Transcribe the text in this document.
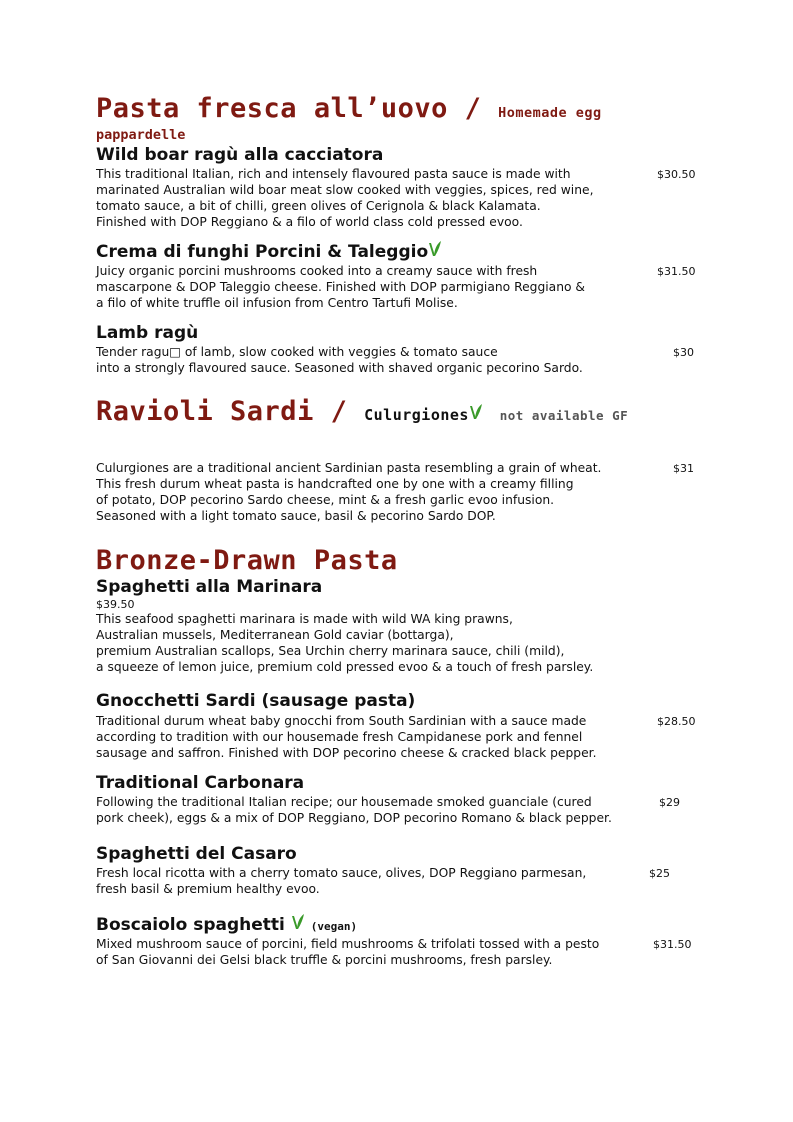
Pasta fresca all’uovo / Homemade egg
pappardelle
Wild boar ragù alla cacciatora
$30.50
This traditional Italian, rich and intensely flavoured pasta sauce is made with
marinated Australian wild boar meat slow cooked with veggies, spices, red wine,
tomato sauce, a bit of chilli, green olives of Cerignola & black Kalamata.
Finished with DOP Reggiano & a filo of world class cold pressed evoo.
Crema di funghi Porcini & Taleggio
$31.50
Juicy organic porcini mushrooms cooked into a creamy sauce with fresh
mascarpone & DOP Taleggio cheese. Finished with DOP parmigiano Reggiano &
a filo of white truffle oil infusion from Centro Tartufi Molise.
Lamb ragù
$30
Tender ragu□ of lamb, slow cooked with veggies & tomato sauce
into a strongly flavoured sauce. Seasoned with shaved organic pecorino Sardo.
Ravioli Sardi / Culurgiones not available GF
$31
Culurgiones are a traditional ancient Sardinian pasta resembling a grain of wheat.
This fresh durum wheat pasta is handcrafted one by one with a creamy filling
of potato, DOP pecorino Sardo cheese, mint & a fresh garlic evoo infusion.
Seasoned with a light tomato sauce, basil & pecorino Sardo DOP.
Bronze-Drawn Pasta
Spaghetti alla Marinara
$39.50
This seafood spaghetti marinara is made with wild WA king prawns,
Australian mussels, Mediterranean Gold caviar (bottarga),
premium Australian scallops, Sea Urchin cherry marinara sauce, chili (mild),
a squeeze of lemon juice, premium cold pressed evoo & a touch of fresh parsley.
Gnocchetti Sardi (sausage pasta)
$28.50
Traditional durum wheat baby gnocchi from South Sardinian with a sauce made
according to tradition with our housemade fresh Campidanese pork and fennel
sausage and saffron. Finished with DOP pecorino cheese & cracked black pepper.
Traditional Carbonara
$29
Following the traditional Italian recipe; our housemade smoked guanciale (cured
pork cheek), eggs & a mix of DOP Reggiano, DOP pecorino Romano & black pepper.
Spaghetti del Casaro
$25
Fresh local ricotta with a cherry tomato sauce, olives, DOP Reggiano parmesan,
fresh basil & premium healthy evoo.
Boscaiolo spaghetti (vegan)
$31.50
Mixed mushroom sauce of porcini, field mushrooms & trifolati tossed with a pesto
of San Giovanni dei Gelsi black truffle & porcini mushrooms, fresh parsley.
